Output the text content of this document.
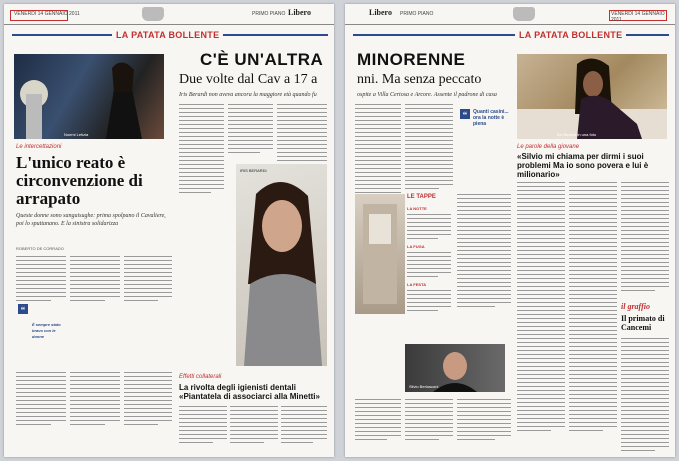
VENERDÌ 14 GENNAIO 2011	PRIMO PIANO Libero
LA PATATA BOLLENTE
Noemi Letizia
Le intercettazioni
L'unico reato è circonvenzione di arrapato
Queste donne sono sanguisughe: prima spolpano il Cavaliere, poi lo sputtanano. E la sinistra solidarizza
ROBERTO DE CORRADO
“
È sempre stato bravo con le donne
C'È UN'ALTRA
Due volte dal Cav a 17 a
Iris Berardi non aveva ancora la maggiore età quando fu
IRIS BERARDI
Effetti collaterali
La rivolta degli igienisti dentali «Piantatela di associarci alla Minetti»
Libero PRIMO PIANO	VENERDÌ 14 GENNAIO 2011
LA PATATA BOLLENTE
MINORENNE
nni. Ma senza peccato
ospite a Villa Certosa e Arcore. Assente il padrone di casa
“	Quanti casini... ora la notte è piena
LE TAPPE
LA NOTTE
LA FUGA
LA FESTA
Silvio Berlusconi
Iris Berardi in una foto
Le parole della giovane
«Silvio mi chiama per dirmi i suoi problemi Ma io sono povera e lui è milionario»
il graffio
Il primato di Cancemi
